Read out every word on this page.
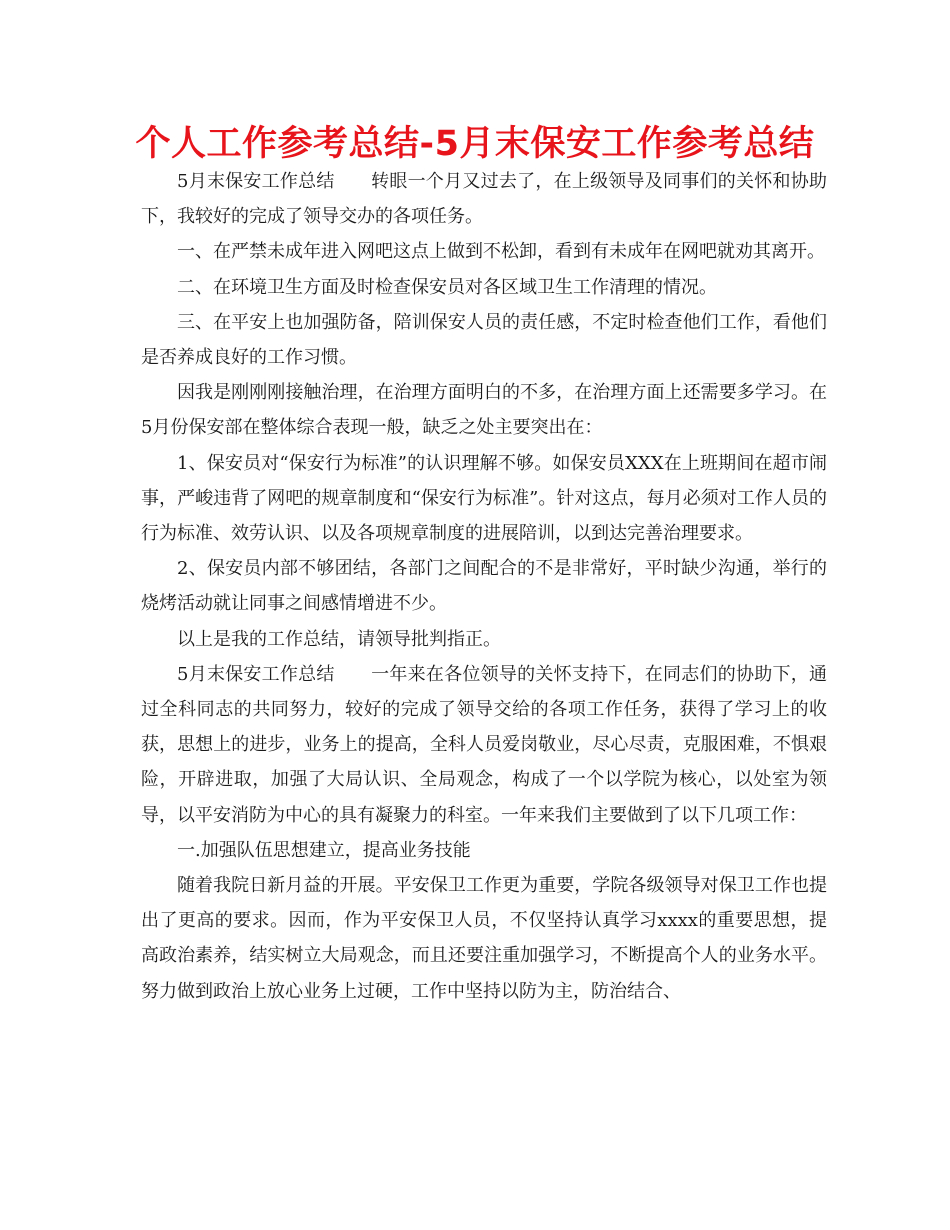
个人工作参考总结-5月末保安工作参考总结

5月末保安工作总结　　转眼一个月又过去了，在上级领导及同事们的关怀和协助下，我较好的完成了领导交办的各项任务。

一、在严禁未成年进入网吧这点上做到不松卸，看到有未成年在网吧就劝其离开。

二、在环境卫生方面及时检查保安员对各区域卫生工作清理的情况。

三、在平安上也加强防备，陪训保安人员的责任感，不定时检查他们工作，看他们是否养成良好的工作习惯。

因我是刚刚刚接触治理，在治理方面明白的不多，在治理方面上还需要多学习。在5月份保安部在整体综合表现一般，缺乏之处主要突出在：

1、保安员对“保安行为标准”的认识理解不够。如保安员XXX在上班期间在超市闹事，严峻违背了网吧的规章制度和“保安行为标准”。针对这点，每月必须对工作人员的行为标准、效劳认识、以及各项规章制度的进展陪训，以到达完善治理要求。

2、保安员内部不够团结，各部门之间配合的不是非常好，平时缺少沟通，举行的烧烤活动就让同事之间感情增进不少。

以上是我的工作总结，请领导批判指正。

5月末保安工作总结　　一年来在各位领导的关怀支持下，在同志们的协助下，通过全科同志的共同努力，较好的完成了领导交给的各项工作任务，获得了学习上的收获，思想上的进步，业务上的提高，全科人员爱岗敬业，尽心尽责，克服困难，不惧艰险，开辟进取，加强了大局认识、全局观念，构成了一个以学院为核心，以处室为领导，以平安消防为中心的具有凝聚力的科室。一年来我们主要做到了以下几项工作：

一.加强队伍思想建立，提高业务技能

随着我院日新月益的开展。平安保卫工作更为重要，学院各级领导对保卫工作也提出了更高的要求。因而，作为平安保卫人员，不仅坚持认真学习xxxx的重要思想，提高政治素养，结实树立大局观念，而且还要注重加强学习，不断提高个人的业务水平。努力做到政治上放心业务上过硬，工作中坚持以防为主，防治结合、
